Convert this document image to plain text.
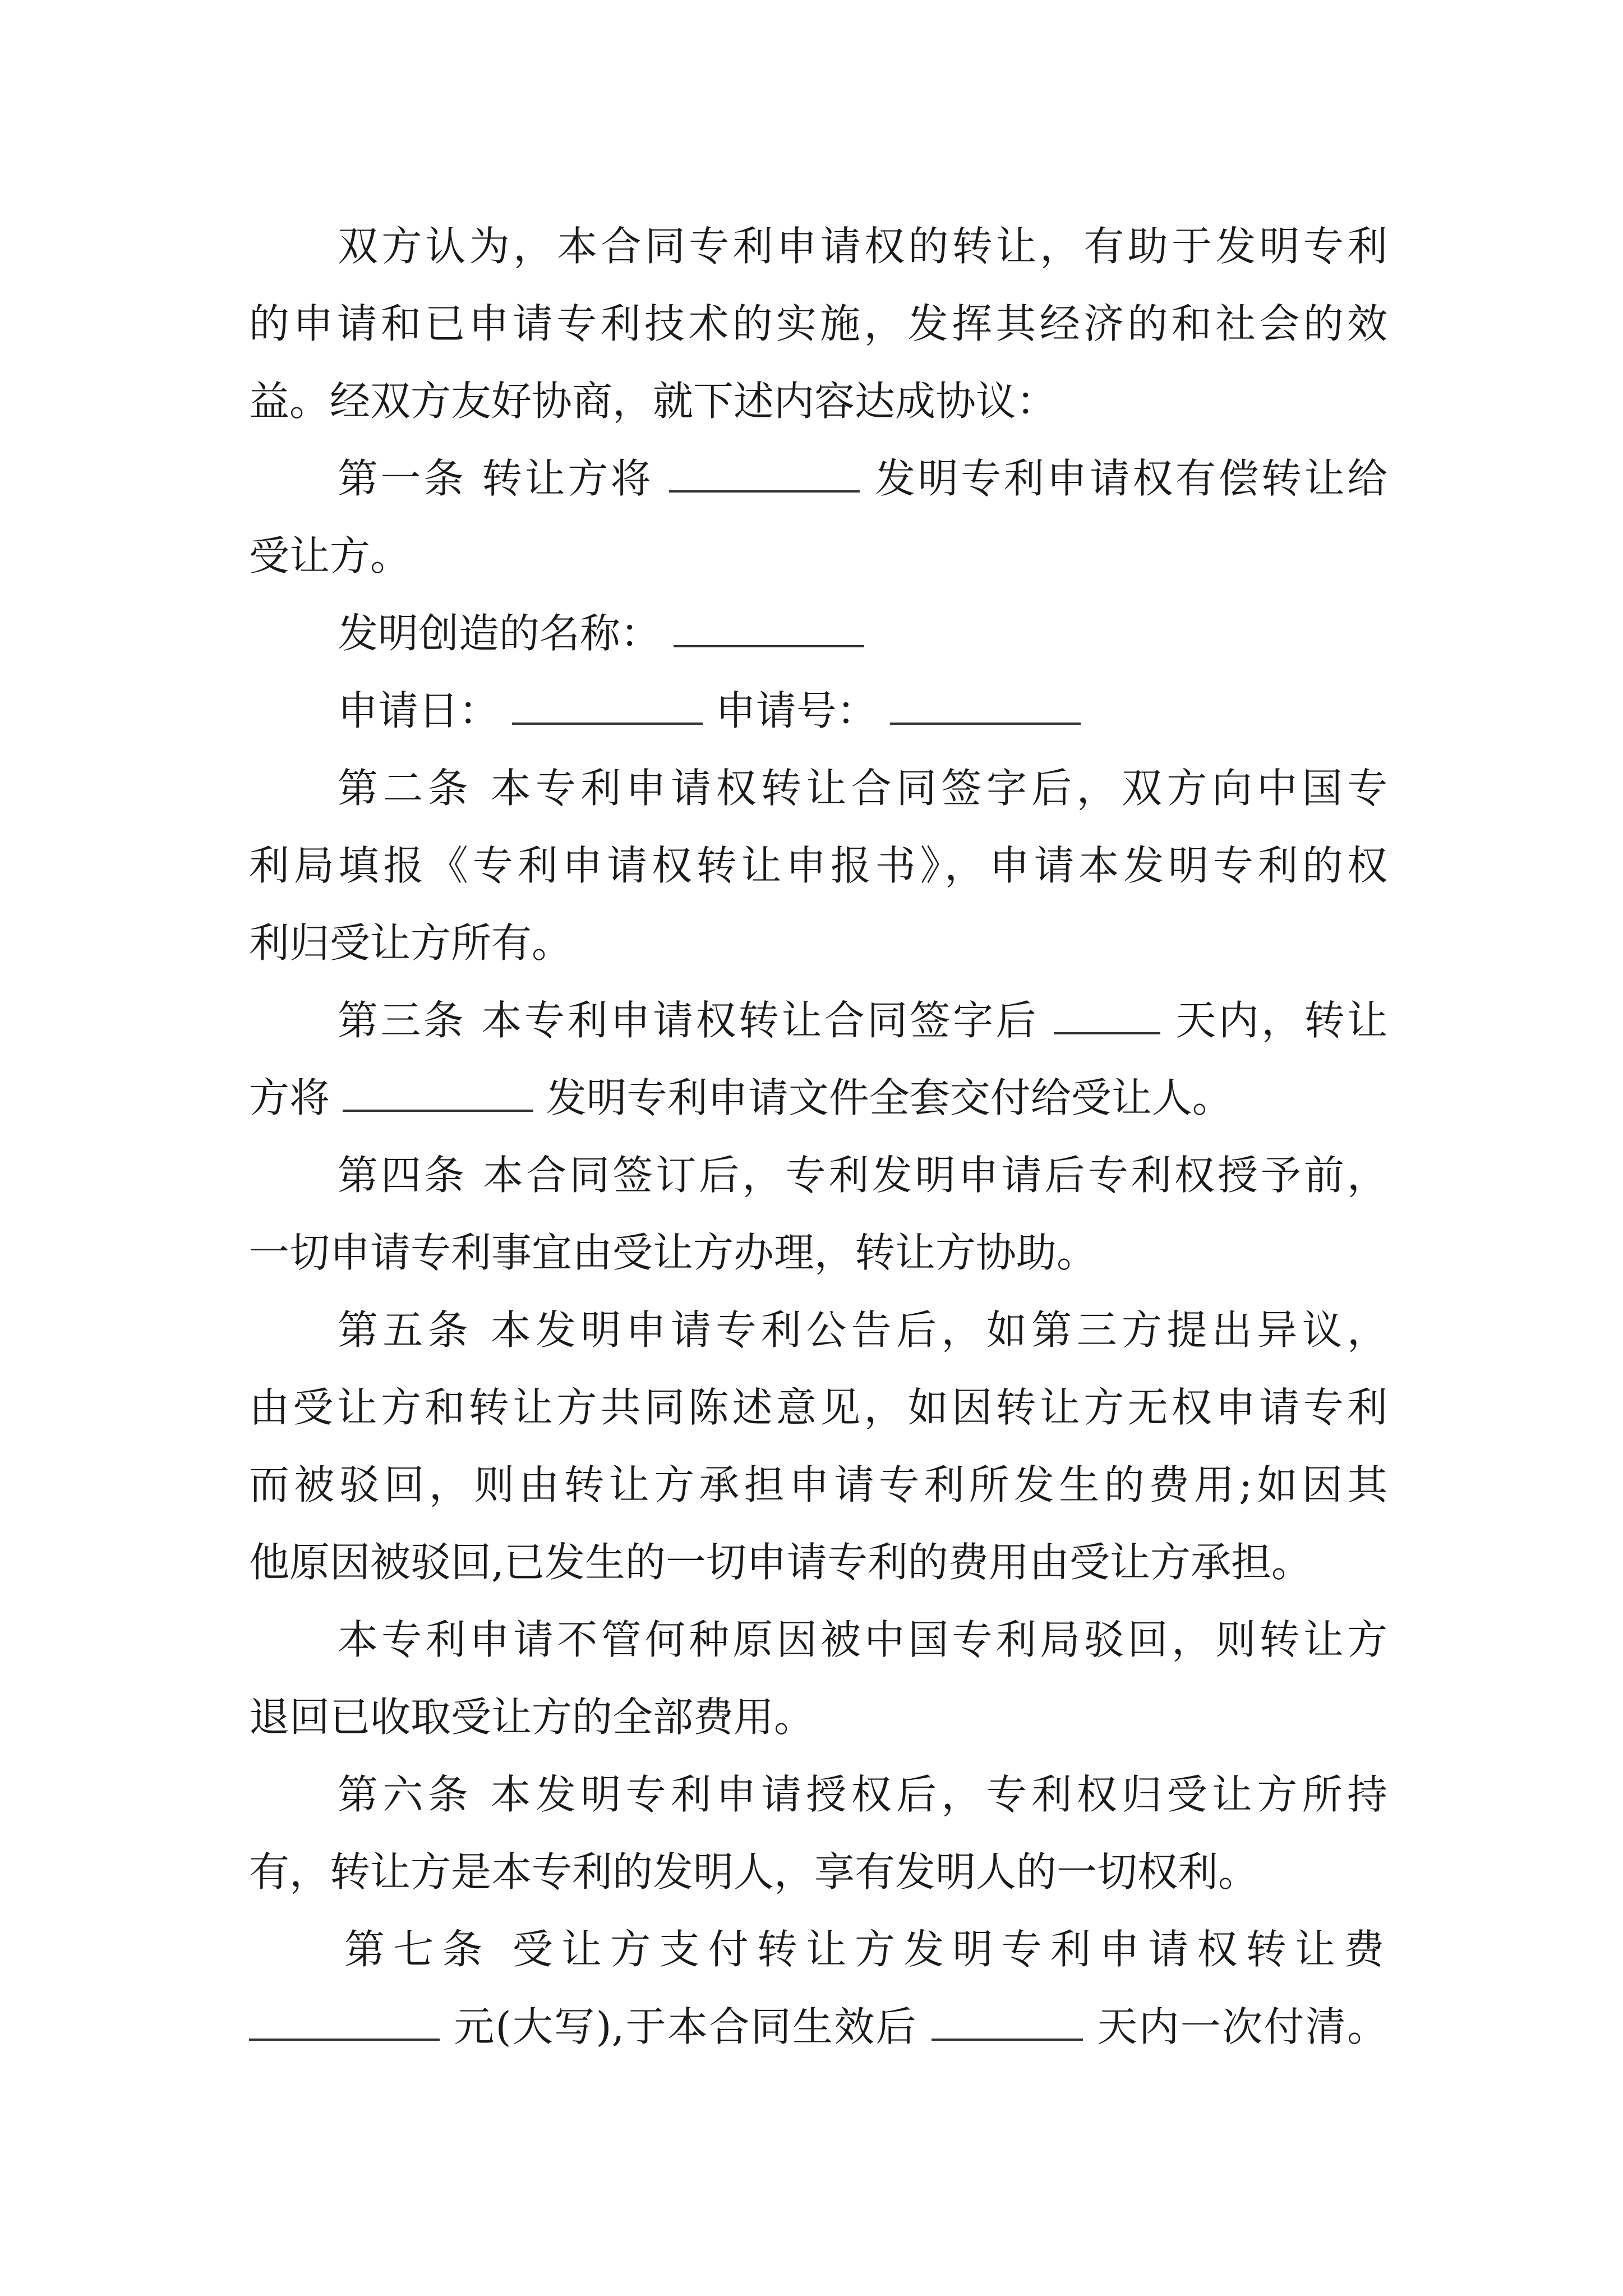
双方认为，本合同专利申请权的转让，有助于发明专利
的申请和已申请专利技术的实施，发挥其经济的和社会的效
益。经双方友好协商，就下述内容达成协议：
第一条 转让方将	发明专利申请权有偿转让给
受让方。
发明创造的名称：
申请日：	申请号：
第二条 本专利申请权转让合同签字后，双方向中国专
利局填报《专利申请权转让申报书》，申请本发明专利的权
利归受让方所有。
第三条 本专利申请权转让合同签字后	天内，转让
方将	发明专利申请文件全套交付给受让人。
第四条 本合同签订后，专利发明申请后专利权授予前，
一切申请专利事宜由受让方办理，转让方协助。
第五条 本发明申请专利公告后，如第三方提出异议，
由受让方和转让方共同陈述意见，如因转让方无权申请专利
而被驳回，则由转让方承担申请专利所发生的费用;如因其
他原因被驳回,已发生的一切申请专利的费用由受让方承担。
本专利申请不管何种原因被中国专利局驳回，则转让方
退回已收取受让方的全部费用。
第六条 本发明专利申请授权后，专利权归受让方所持
有，转让方是本专利的发明人，享有发明人的一切权利。
第七条 受让方支付转让方发明专利申请权转让费
元(大写),于本合同生效后	天内一次付清。
